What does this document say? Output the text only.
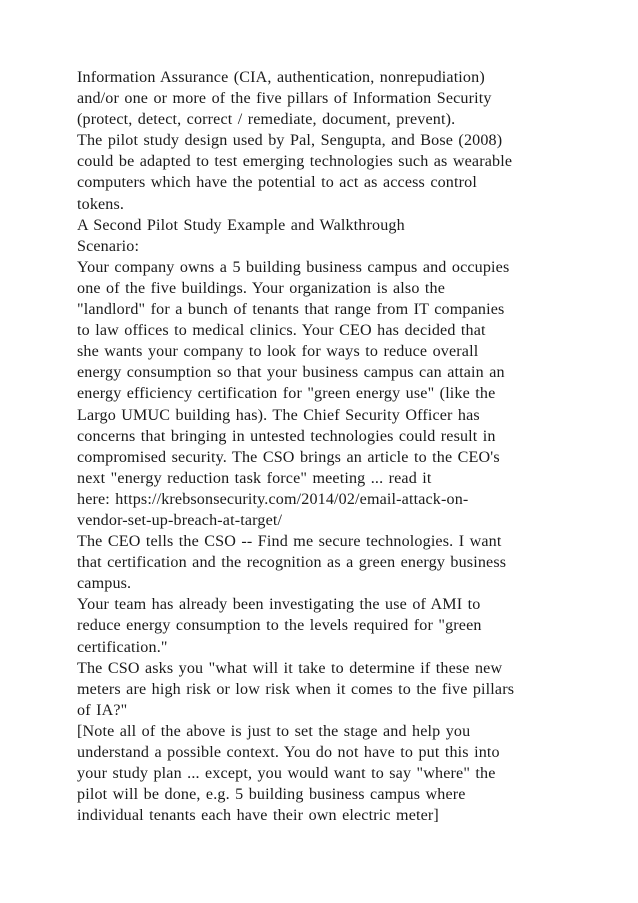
Information Assurance (CIA, authentication, nonrepudiation)
and/or one or more of the five pillars of Information Security
(protect, detect, correct / remediate, document, prevent).
The pilot study design used by Pal, Sengupta, and Bose (2008)
could be adapted to test emerging technologies such as wearable
computers which have the potential to act as access control
tokens.
A Second Pilot Study Example and Walkthrough
Scenario:
Your company owns a 5 building business campus and occupies
one of the five buildings. Your organization is also the
"landlord" for a bunch of tenants that range from IT companies
to law offices to medical clinics. Your CEO has decided that
she wants your company to look for ways to reduce overall
energy consumption so that your business campus can attain an
energy efficiency certification for "green energy use" (like the
Largo UMUC building has). The Chief Security Officer has
concerns that bringing in untested technologies could result in
compromised security. The CSO brings an article to the CEO's
next "energy reduction task force" meeting ... read it
here: https://krebsonsecurity.com/2014/02/email-attack-on-
vendor-set-up-breach-at-target/
The CEO tells the CSO -- Find me secure technologies. I want
that certification and the recognition as a green energy business
campus.
Your team has already been investigating the use of AMI to
reduce energy consumption to the levels required for "green
certification."
The CSO asks you "what will it take to determine if these new
meters are high risk or low risk when it comes to the five pillars
of IA?"
[Note all of the above is just to set the stage and help you
understand a possible context. You do not have to put this into
your study plan ... except, you would want to say "where" the
pilot will be done, e.g. 5 building business campus where
individual tenants each have their own electric meter]
